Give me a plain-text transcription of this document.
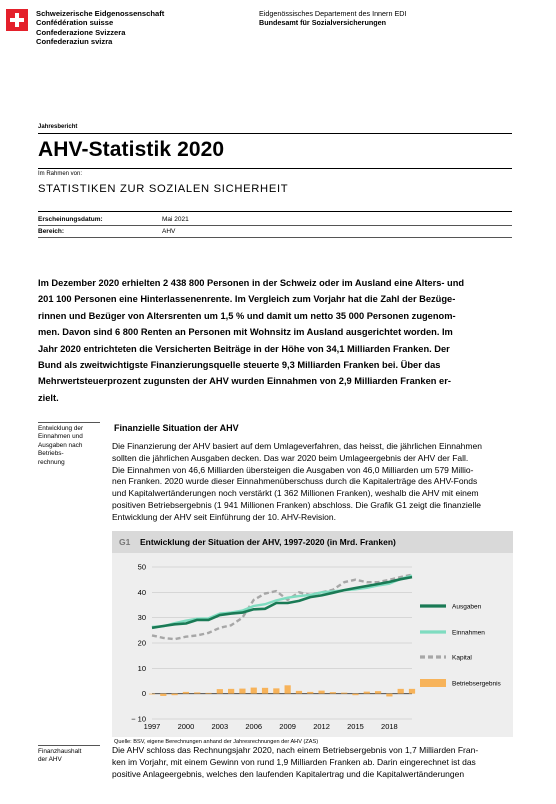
Schweizerische Eidgenossenschaft
Confédération suisse
Confederazione Svizzera
Confederaziun svizra
Eidgenössisches Departement des Innern EDI
Bundesamt für Sozialversicherungen
Jahresbericht
AHV-Statistik 2020
Im Rahmen von:
STATISTIKEN ZUR SOZIALEN SICHERHEIT
Erscheinungsdatum:	Mai 2021
Bereich:	AHV
Im Dezember 2020 erhielten 2 438 800 Personen in der Schweiz oder im Ausland eine Alters- und
201 100 Personen eine Hinterlassenenrente. Im Vergleich zum Vorjahr hat die Zahl der Bezüge-
rinnen und Bezüger von Altersrenten um 1,5 % und damit um netto 35 000 Personen zugenom-
men. Davon sind 6 800 Renten an Personen mit Wohnsitz im Ausland ausgerichtet worden. Im
Jahr 2020 entrichteten die Versicherten Beiträge in der Höhe von 34,1 Milliarden Franken. Der
Bund als zweitwichtigste Finanzierungsquelle steuerte 9,3 Milliarden Franken bei. Über das
Mehrwertsteuerprozent zugunsten der AHV wurden Einnahmen von 2,9 Milliarden Franken er-
zielt.
Entwicklung der
Einnahmen und
Ausgaben nach
Betriebs-
rechnung
Finanzielle Situation der AHV
Die Finanzierung der AHV basiert auf dem Umlageverfahren, das heisst, die jährlichen Einnahmen
sollten die jährlichen Ausgaben decken. Das war 2020 beim Umlageergebnis der AHV der Fall.
Die Einnahmen von 46,6 Milliarden übersteigen die Ausgaben von 46,0 Milliarden um 579 Millio-
nen Franken. 2020 wurde dieser Einnahmenüberschuss durch die Kapitalerträge des AHV-Fonds
und Kapitalwertänderungen noch verstärkt (1 362 Millionen Franken), weshalb die AHV mit einem
positiven Betriebsergebnis (1 941 Millionen Franken) abschloss. Die Grafik G1 zeigt die finanzielle
Entwicklung der AHV seit Einführung der 10. AHV-Revision.
G1 Entwicklung der Situation der AHV, 1997-2020 (in Mrd. Franken)
− 10
0
10
20
30
40
50
1997 2000 2003 2006 2009 2012 2015 2018
Ausgaben
Einnahmen
Kapital
Betriebsergebnis
Quelle: BSV, eigene Berechnungen anhand der Jahresrechnungen der AHV (ZAS)
Finanzhaushalt
der AHV
Die AHV schloss das Rechnungsjahr 2020, nach einem Betriebsergebnis von 1,7 Milliarden Fran-
ken im Vorjahr, mit einem Gewinn von rund 1,9 Milliarden Franken ab. Darin eingerechnet ist das
positive Anlageergebnis, welches den laufenden Kapitalertrag und die Kapitalwertänderungen
